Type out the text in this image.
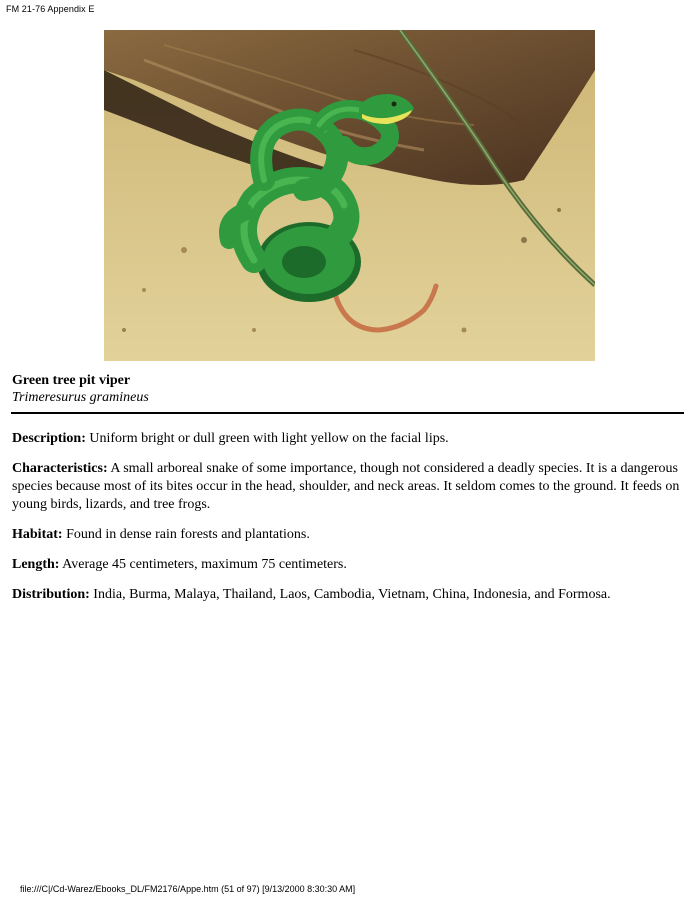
FM 21-76 Appendix E
Green tree pit viper
Trimeresurus gramineus

Description: Uniform bright or dull green with light yellow on the facial lips.

Characteristics: A small arboreal snake of some importance, though not considered a deadly species. It is a dangerous species because most of its bites occur in the head, shoulder, and neck areas. It seldom comes to the ground. It feeds on young birds, lizards, and tree frogs.

Habitat: Found in dense rain forests and plantations.

Length: Average 45 centimeters, maximum 75 centimeters.

Distribution: India, Burma, Malaya, Thailand, Laos, Cambodia, Vietnam, China, Indonesia, and Formosa.

file:///C|/Cd-Warez/Ebooks_DL/FM2176/Appe.htm (51 of 97) [9/13/2000 8:30:30 AM]
